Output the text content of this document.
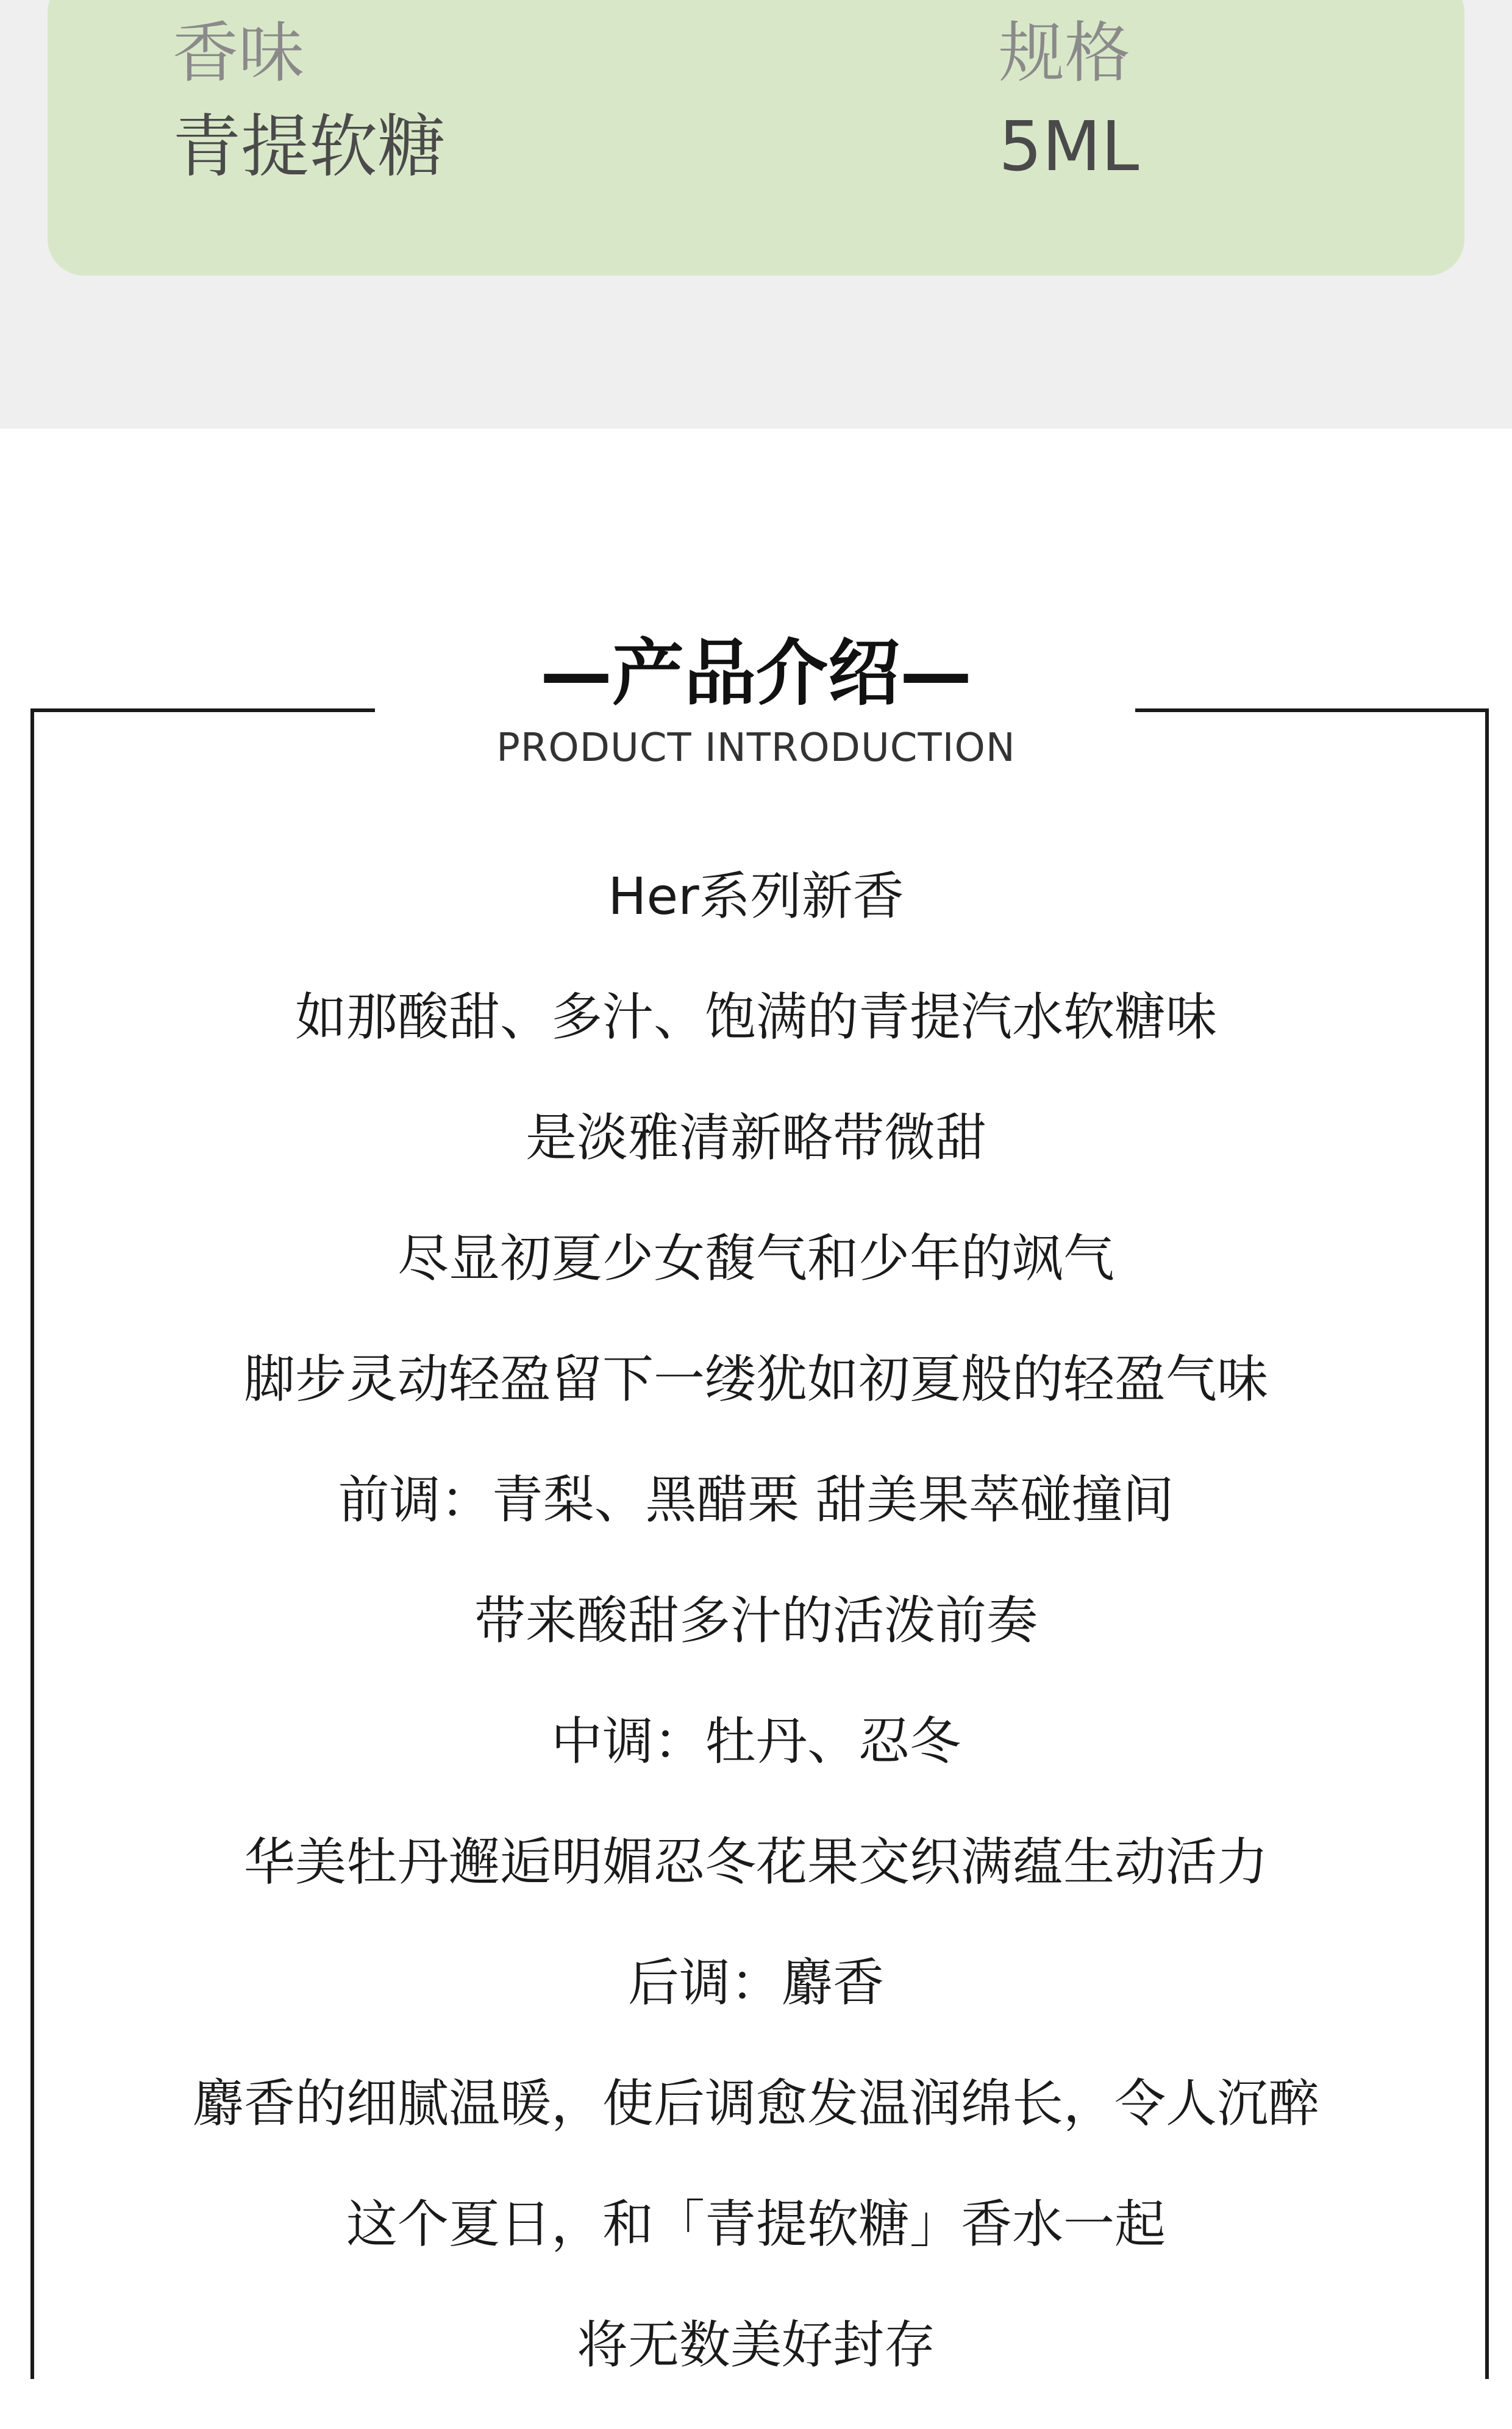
香味
青提软糖
规格
5ML
—产品介绍—
PRODUCT INTRODUCTION
Her系列新香
如那酸甜、多汁、饱满的青提汽水软糖味
是淡雅清新略带微甜
尽显初夏少女馥气和少年的飒气
脚步灵动轻盈留下一缕犹如初夏般的轻盈气味
前调：青梨、黑醋栗 甜美果萃碰撞间
带来酸甜多汁的活泼前奏
中调：牡丹、忍冬
华美牡丹邂逅明媚忍冬花果交织满蕴生动活力
后调：麝香
麝香的细腻温暖，使后调愈发温润绵长，令人沉醉
这个夏日，和「青提软糖」香水一起
将无数美好封存
